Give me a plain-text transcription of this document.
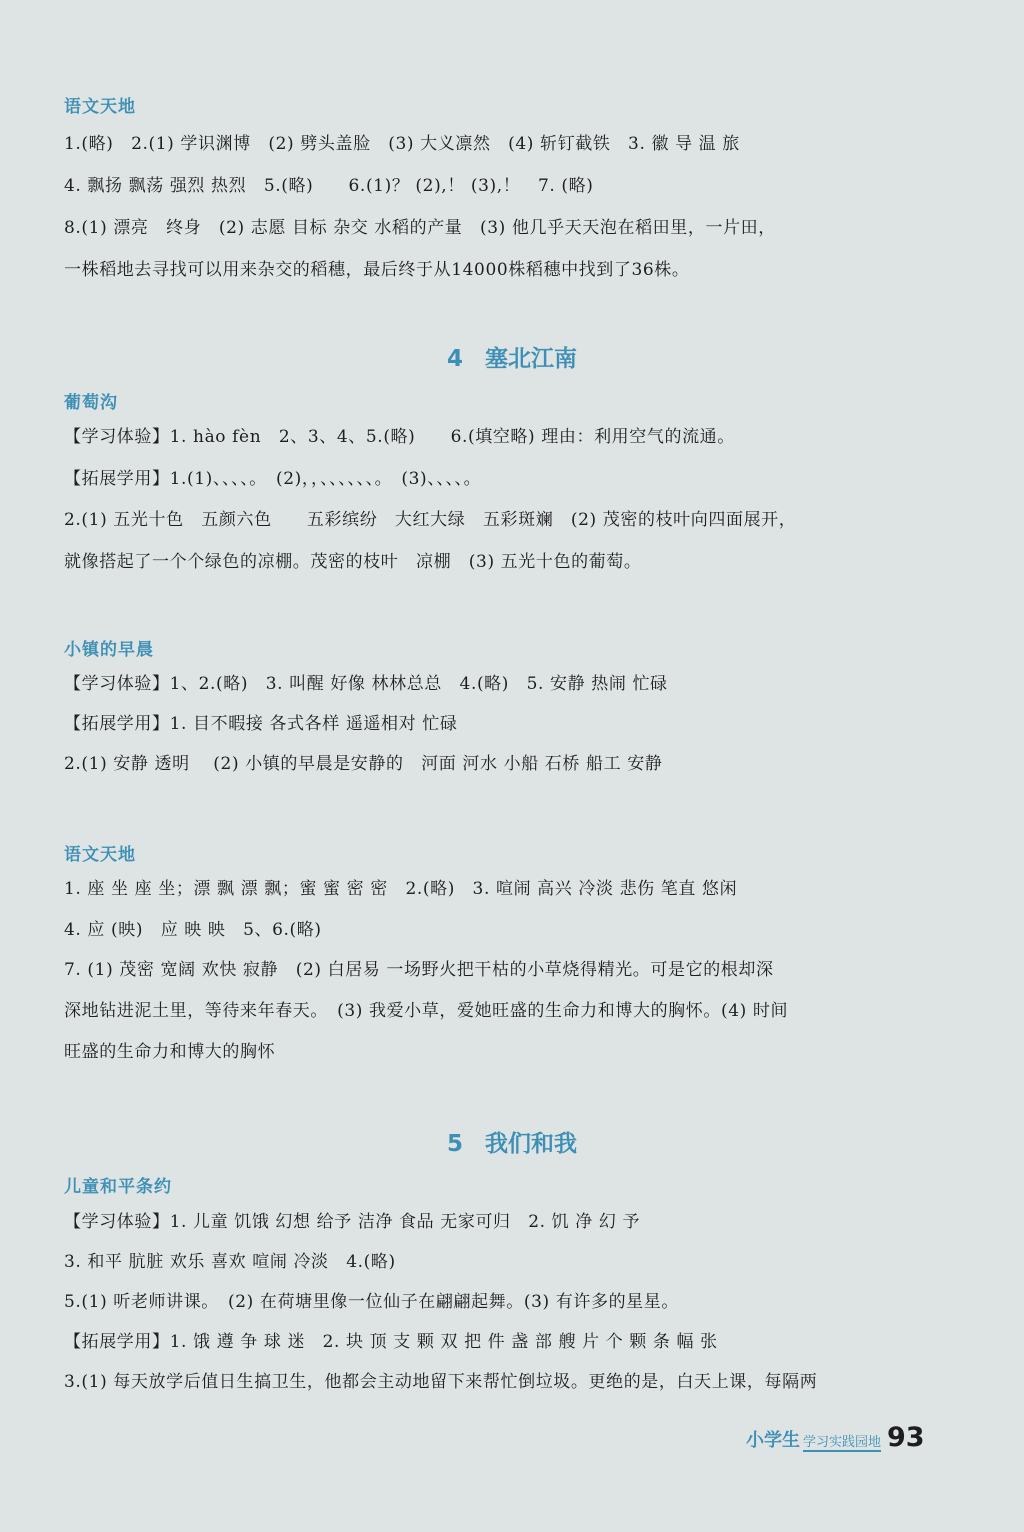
语文天地
1.(略)　2.(1) 学识渊博　(2) 劈头盖脸　(3) 大义凛然　(4) 斩钉截铁　3. 徽 导 温 旅
4. 飘扬 飘荡 强烈 热烈　5.(略)　　6.(1)？ (2),！ (3),！　7. (略)
8.(1) 漂亮　终身　(2) 志愿 目标 杂交 水稻的产量　(3) 他几乎天天泡在稻田里，一片田，
一株稻地去寻找可以用来杂交的稻穗，最后终于从14000株稻穗中找到了36株。
4 塞北江南
葡萄沟
【学习体验】1. hào fèn　2、3、4、5.(略)　　6.(填空略) 理由：利用空气的流通。
【拓展学用】1.(1)、、、、。　(2)，，、、、、、、。　(3)、、、、。
2.(1) 五光十色　五颜六色　　五彩缤纷　大红大绿　五彩斑斓　(2) 茂密的枝叶向四面展开，
就像搭起了一个个绿色的凉棚。茂密的枝叶　凉棚　(3) 五光十色的葡萄。
小镇的早晨
【学习体验】1、2.(略)　3. 叫醒 好像 林林总总　4.(略)　5. 安静 热闹 忙碌
【拓展学用】1. 目不暇接 各式各样 遥遥相对 忙碌
2.(1) 安静 透明　 (2) 小镇的早晨是安静的　河面 河水 小船 石桥 船工 安静
语文天地
1. 座 坐 座 坐；漂 飘 漂 飘；蜜 蜜 密 密　2.(略)　3. 喧闹 高兴 冷淡 悲伤 笔直 悠闲
4. 应 (映)　应 映 映　5、6.(略)
7. (1) 茂密 宽阔 欢快 寂静　(2) 白居易 一场野火把干枯的小草烧得精光。可是它的根却深
深地钻进泥土里，等待来年春天。　(3) 我爱小草，爱她旺盛的生命力和博大的胸怀。(4) 时间
旺盛的生命力和博大的胸怀
5 我们和我
儿童和平条约
【学习体验】1. 儿童 饥饿 幻想 给予 洁净 食品 无家可归　2. 饥 净 幻 予
3. 和平 肮脏 欢乐 喜欢 喧闹 冷淡　4.(略)
5.(1) 听老师讲课。　(2) 在荷塘里像一位仙子在翩翩起舞。(3) 有许多的星星。
【拓展学用】1. 饿 遵 争 球 迷　2. 块 顶 支 颗 双 把 件 盏 部 艘 片 个 颗 条 幅 张
3.(1) 每天放学后值日生搞卫生，他都会主动地留下来帮忙倒垃圾。更绝的是，白天上课，每隔两
小学生 学习实践园地 93
